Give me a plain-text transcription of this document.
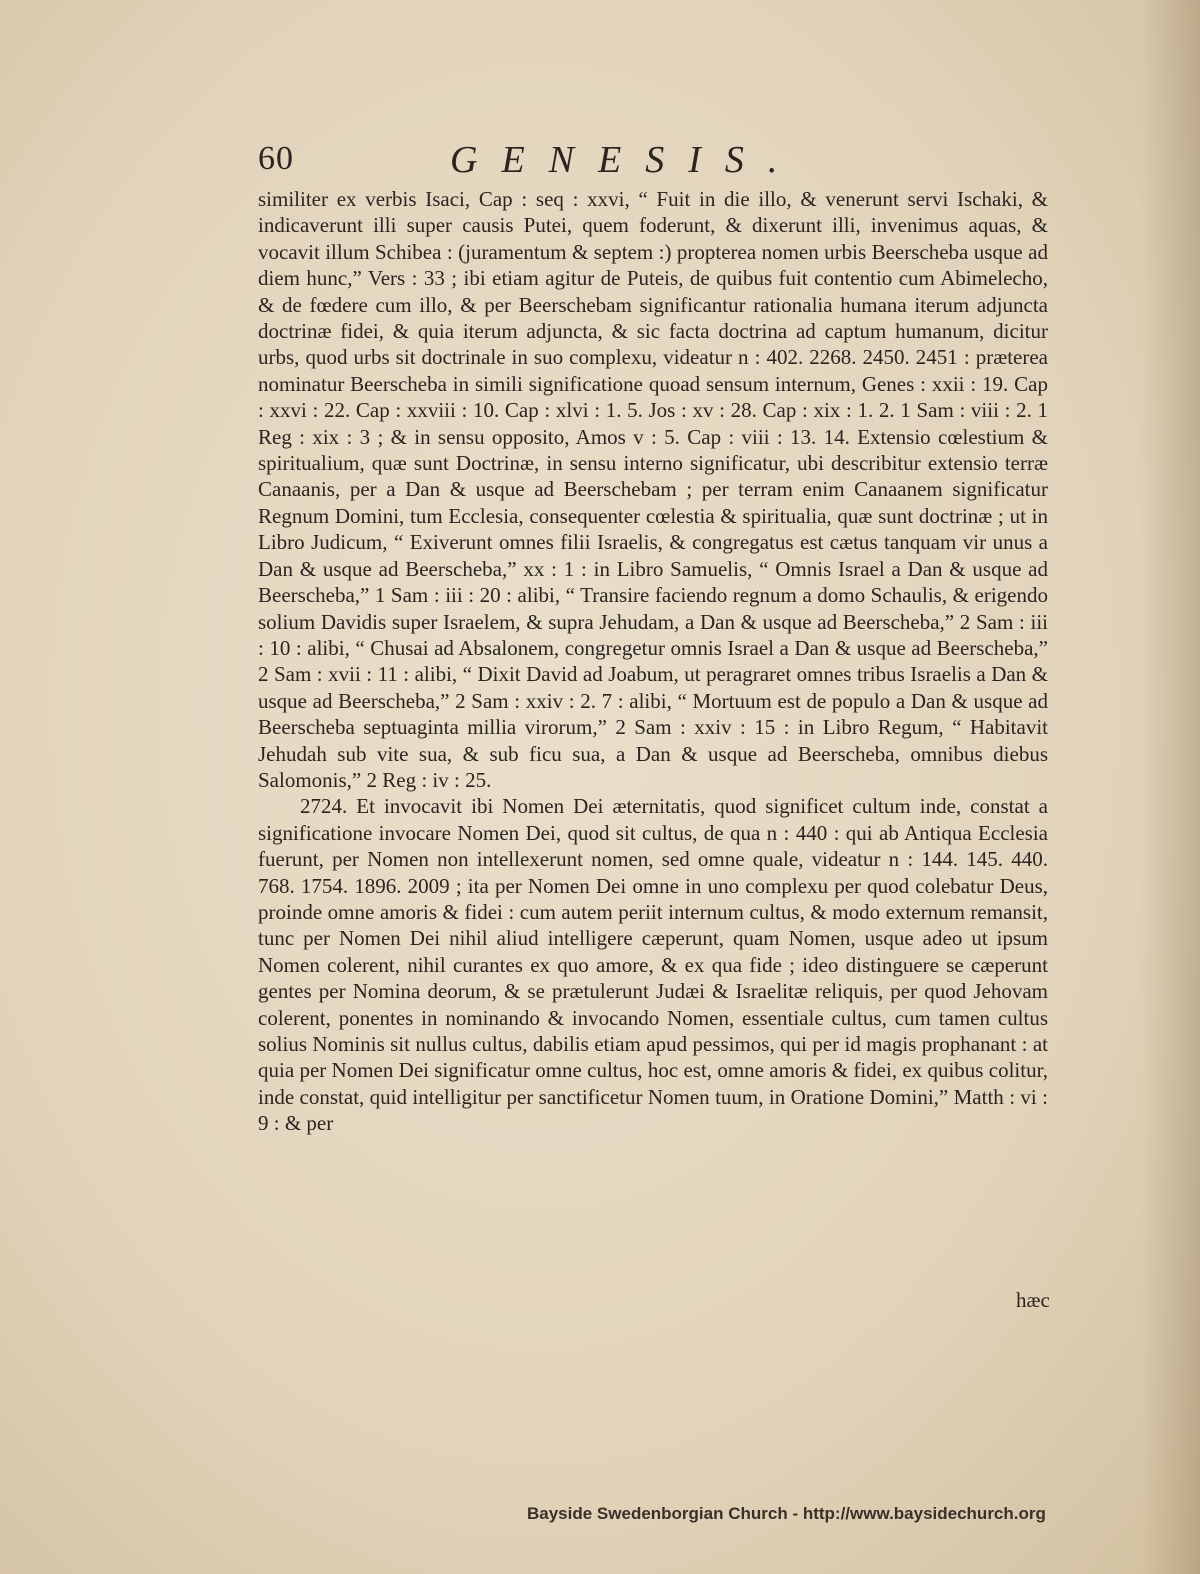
60	GENESIS.

similiter ex verbis Isaci, Cap : seq : xxvi, “ Fuit in die illo, & venerunt servi Ischaki, & indicaverunt illi super causis Putei, quem foderunt, & dixerunt illi, invenimus aquas, & vocavit illum Schibea : (juramentum & septem :) propterea nomen urbis Beerscheba usque ad diem hunc,” Vers : 33 ; ibi etiam agitur de Puteis, de quibus fuit contentio cum Abimelecho, & de fœdere cum illo, & per Beerschebam significantur rationalia humana iterum adjuncta doctrinæ fidei, & quia iterum adjuncta, & sic facta doctrina ad captum humanum, dicitur urbs, quod urbs sit doctrinale in suo complexu, videatur n : 402. 2268. 2450. 2451 : præterea nominatur Beerscheba in simili significatione quoad sensum internum, Genes : xxii : 19. Cap : xxvi : 22. Cap : xxviii : 10. Cap : xlvi : 1. 5. Jos : xv : 28. Cap : xix : 1. 2. 1 Sam : viii : 2. 1 Reg : xix : 3 ; & in sensu opposito, Amos v : 5. Cap : viii : 13. 14. Extensio cœlestium & spiritualium, quæ sunt Doctrinæ, in sensu interno significatur, ubi describitur extensio terræ Canaanis, per a Dan & usque ad Beerschebam ; per terram enim Canaanem significatur Regnum Domini, tum Ecclesia, consequenter cœlestia & spiritualia, quæ sunt doctrinæ ; ut in Libro Judicum, “ Exiverunt omnes filii Israelis, & congregatus est cætus tanquam vir unus a Dan & usque ad Beerscheba,” xx : 1 : in Libro Samuelis, “ Omnis Israel a Dan & usque ad Beerscheba,” 1 Sam : iii : 20 : alibi, “ Transire faciendo regnum a domo Schaulis, & erigendo solium Davidis super Israelem, & supra Jehudam, a Dan & usque ad Beerscheba,” 2 Sam : iii : 10 : alibi, “ Chusai ad Absalonem, congregetur omnis Israel a Dan & usque ad Beerscheba,” 2 Sam : xvii : 11 : alibi, “ Dixit David ad Joabum, ut peragraret omnes tribus Israelis a Dan & usque ad Beerscheba,” 2 Sam : xxiv : 2. 7 : alibi, “ Mortuum est de populo a Dan & usque ad Beerscheba septuaginta millia virorum,” 2 Sam : xxiv : 15 : in Libro Regum, “ Habitavit Jehudah sub vite sua, & sub ficu sua, a Dan & usque ad Beerscheba, omnibus diebus Salomonis,” 2 Reg : iv : 25.

2724. Et invocavit ibi Nomen Dei æternitatis, quod significet cultum inde, constat a significatione invocare Nomen Dei, quod sit cultus, de qua n : 440 : qui ab Antiqua Ecclesia fuerunt, per Nomen non intellexerunt nomen, sed omne quale, videatur n : 144. 145. 440. 768. 1754. 1896. 2009 ; ita per Nomen Dei omne in uno complexu per quod colebatur Deus, proinde omne amoris & fidei : cum autem periit internum cultus, & modo externum remansit, tunc per Nomen Dei nihil aliud intelligere cæperunt, quam Nomen, usque adeo ut ipsum Nomen colerent, nihil curantes ex quo amore, & ex qua fide ; ideo distinguere se cæperunt gentes per Nomina deorum, & se prætulerunt Judæi & Israelitæ reliquis, per quod Jehovam colerent, ponentes in nominando & invocando Nomen, essentiale cultus, cum tamen cultus solius Nominis sit nullus cultus, dabilis etiam apud pessimos, qui per id magis prophanant : at quia per Nomen Dei significatur omne cultus, hoc est, omne amoris & fidei, ex quibus colitur, inde constat, quid intelligitur per sanctificetur Nomen tuum, in Oratione Domini,” Matth : vi : 9 : & per

hæc
Bayside Swedenborgian Church - http://www.baysidechurch.org
